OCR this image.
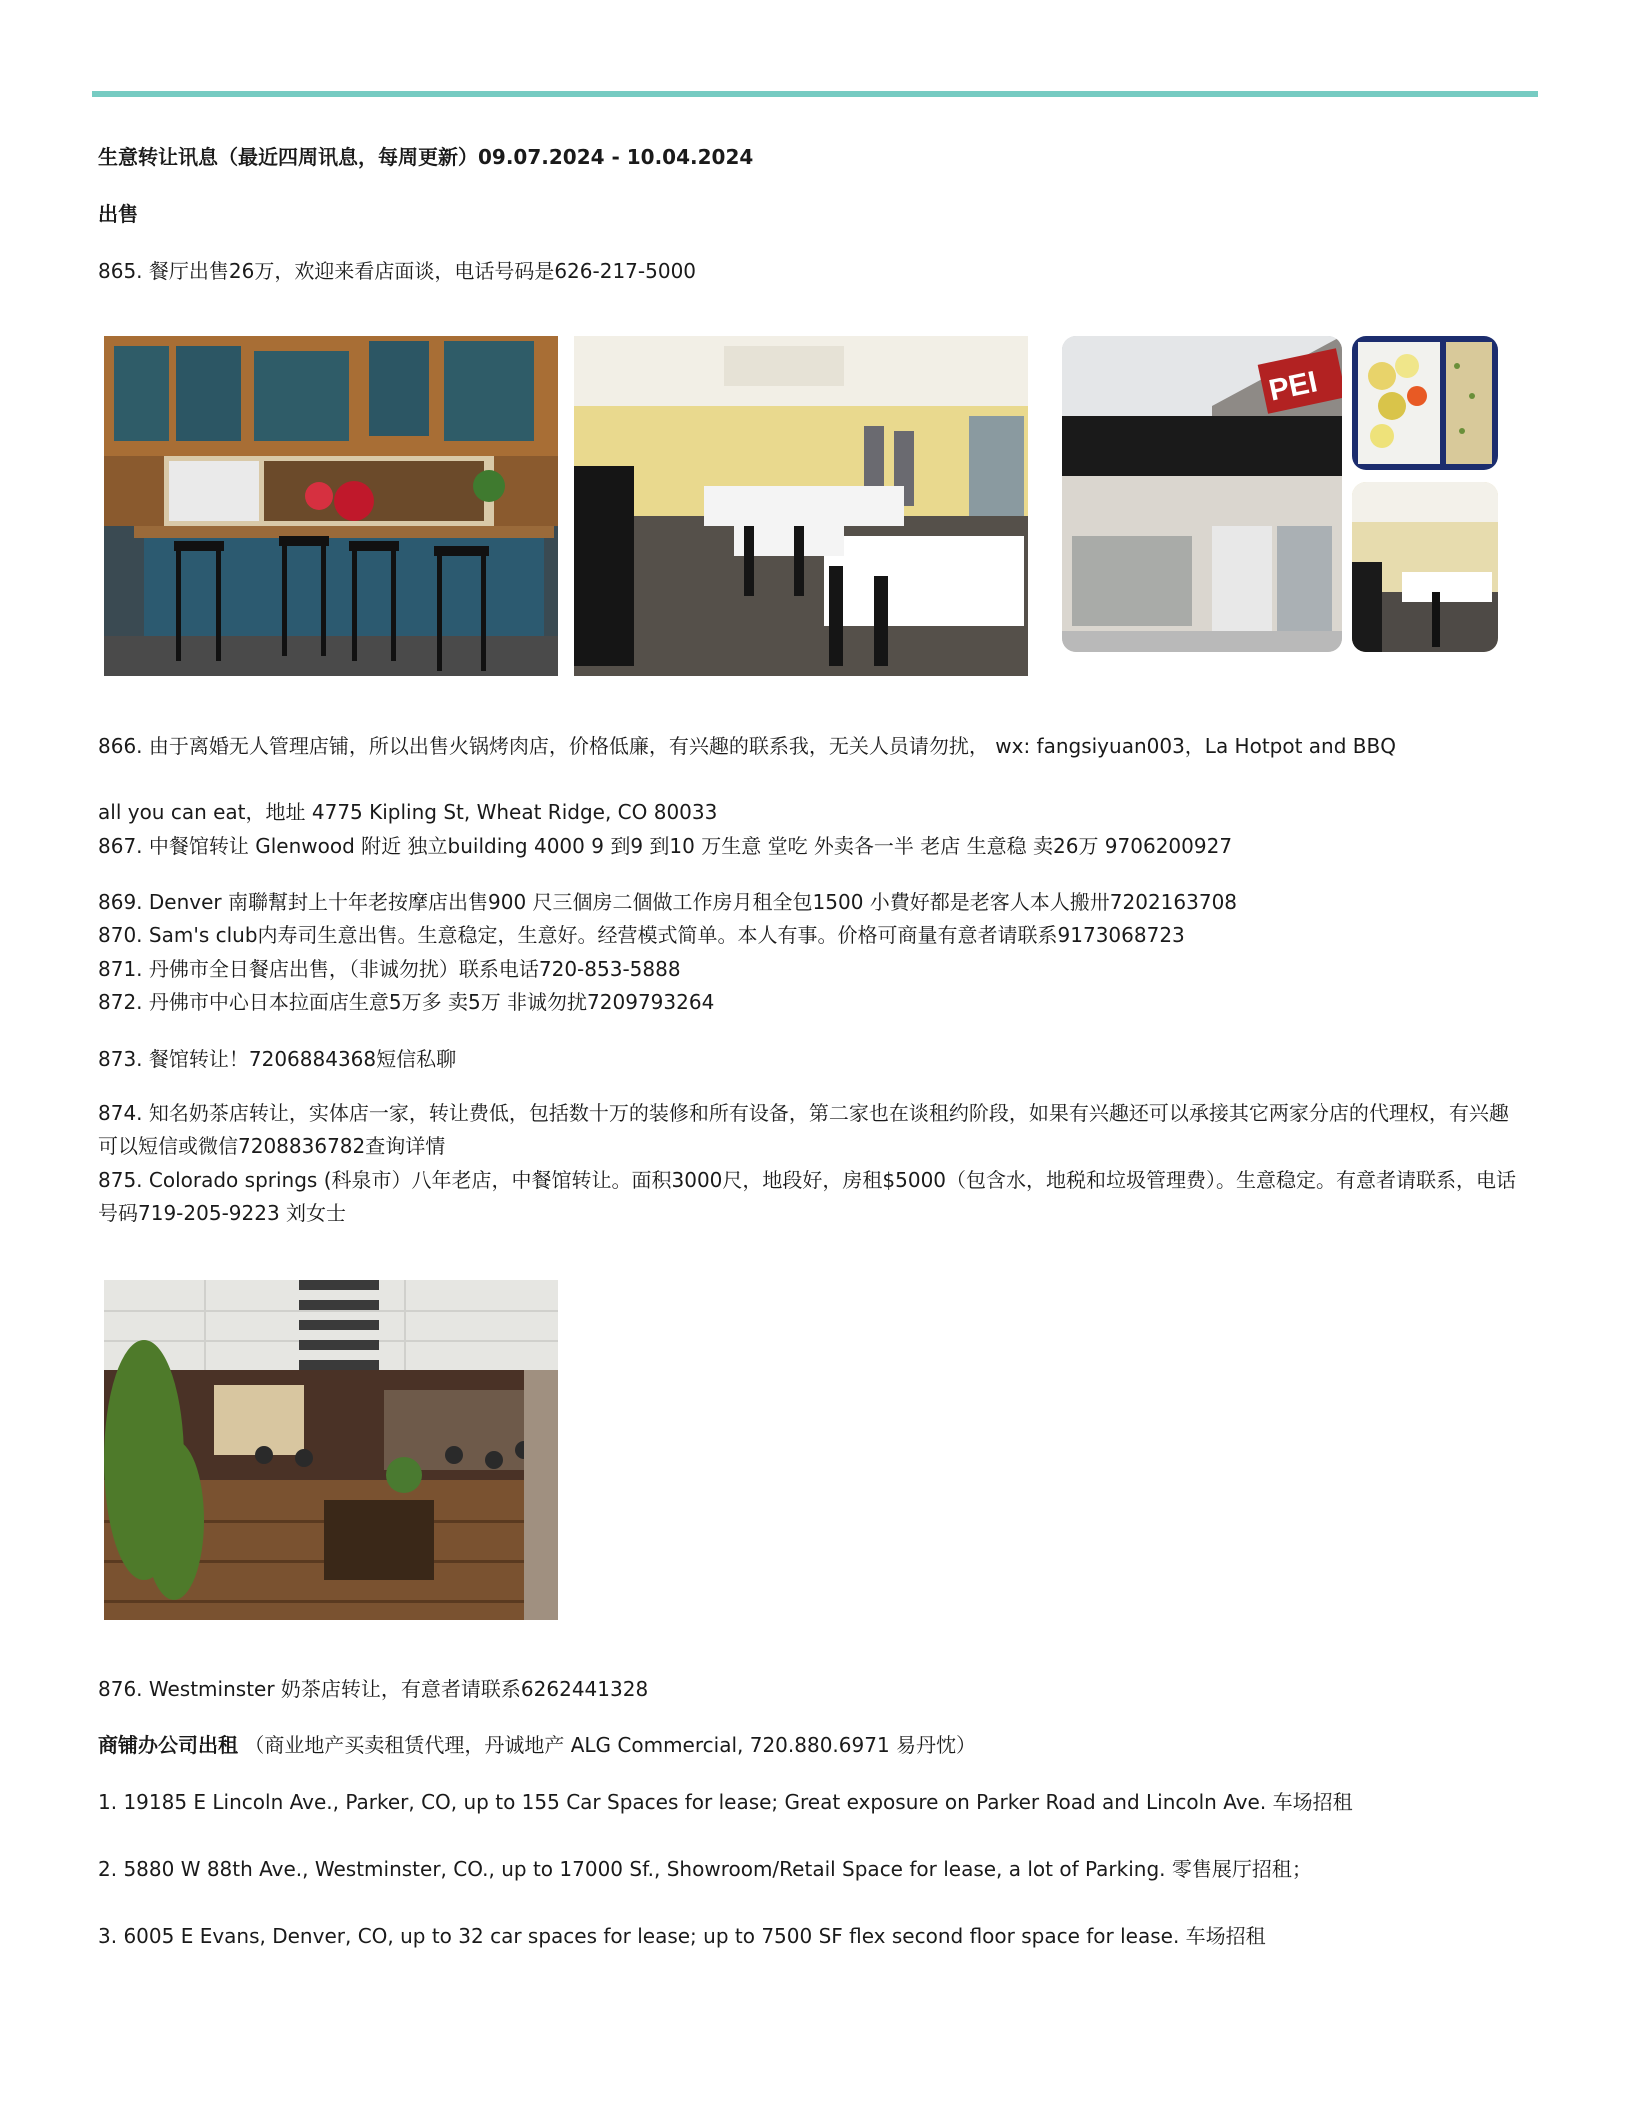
生意转让讯息（最近四周讯息，每周更新）09.07.2024 - 10.04.2024
出售
865. 餐厅出售26万，欢迎来看店面谈，电话号码是626-217-5000
PEI
866. 由于离婚无人管理店铺，所以出售火锅烤肉店，价格低廉，有兴趣的联系我，无关人员请勿扰， wx: fangsiyuan003，La Hotpot and BBQ
all you can eat，地址 4775 Kipling St, Wheat Ridge, CO 80033
867. 中餐馆转让 Glenwood 附近 独立building 4000 9 到9 到10 万生意 堂吃 外卖各一半 老店 生意稳 卖26万 9706200927
869. Denver 南聯幫封上十年老按摩店出售900 尺三個房二個做工作房月租全包1500 小費好都是老客人本人搬卅7202163708
870. Sam's club内寿司生意出售。生意稳定，生意好。经营模式简单。本人有事。价格可商量有意者请联系9173068723
871. 丹佛市全日餐店出售，（非诚勿扰）联系电话720-853-5888
872. 丹佛市中心日本拉面店生意5万多 卖5万 非诚勿扰7209793264
873. 餐馆转让！7206884368短信私聊
874. 知名奶茶店转让，实体店一家，转让费低，包括数十万的装修和所有设备，第二家也在谈租约阶段，如果有兴趣还可以承接其它两家分店的代理权，有兴趣可以短信或微信7208836782查询详情
875. Colorado springs (科泉市）八年老店，中餐馆转让。面积3000尺，地段好，房租$5000（包含水，地税和垃圾管理费）。生意稳定。有意者请联系，电话号码719-205-9223 刘女士
876. Westminster 奶茶店转让，有意者请联系6262441328
商铺办公司出租 （商业地产买卖租赁代理，丹诚地产 ALG Commercial, 720.880.6971 易丹忱）
1. 19185 E Lincoln Ave., Parker, CO, up to 155 Car Spaces for lease; Great exposure on Parker Road and Lincoln Ave. 车场招租
2. 5880 W 88th Ave., Westminster, CO., up to 17000 Sf., Showroom/Retail Space for lease, a lot of Parking. 零售展厅招租；
3. 6005 E Evans, Denver, CO, up to 32 car spaces for lease; up to 7500 SF flex second floor space for lease. 车场招租
